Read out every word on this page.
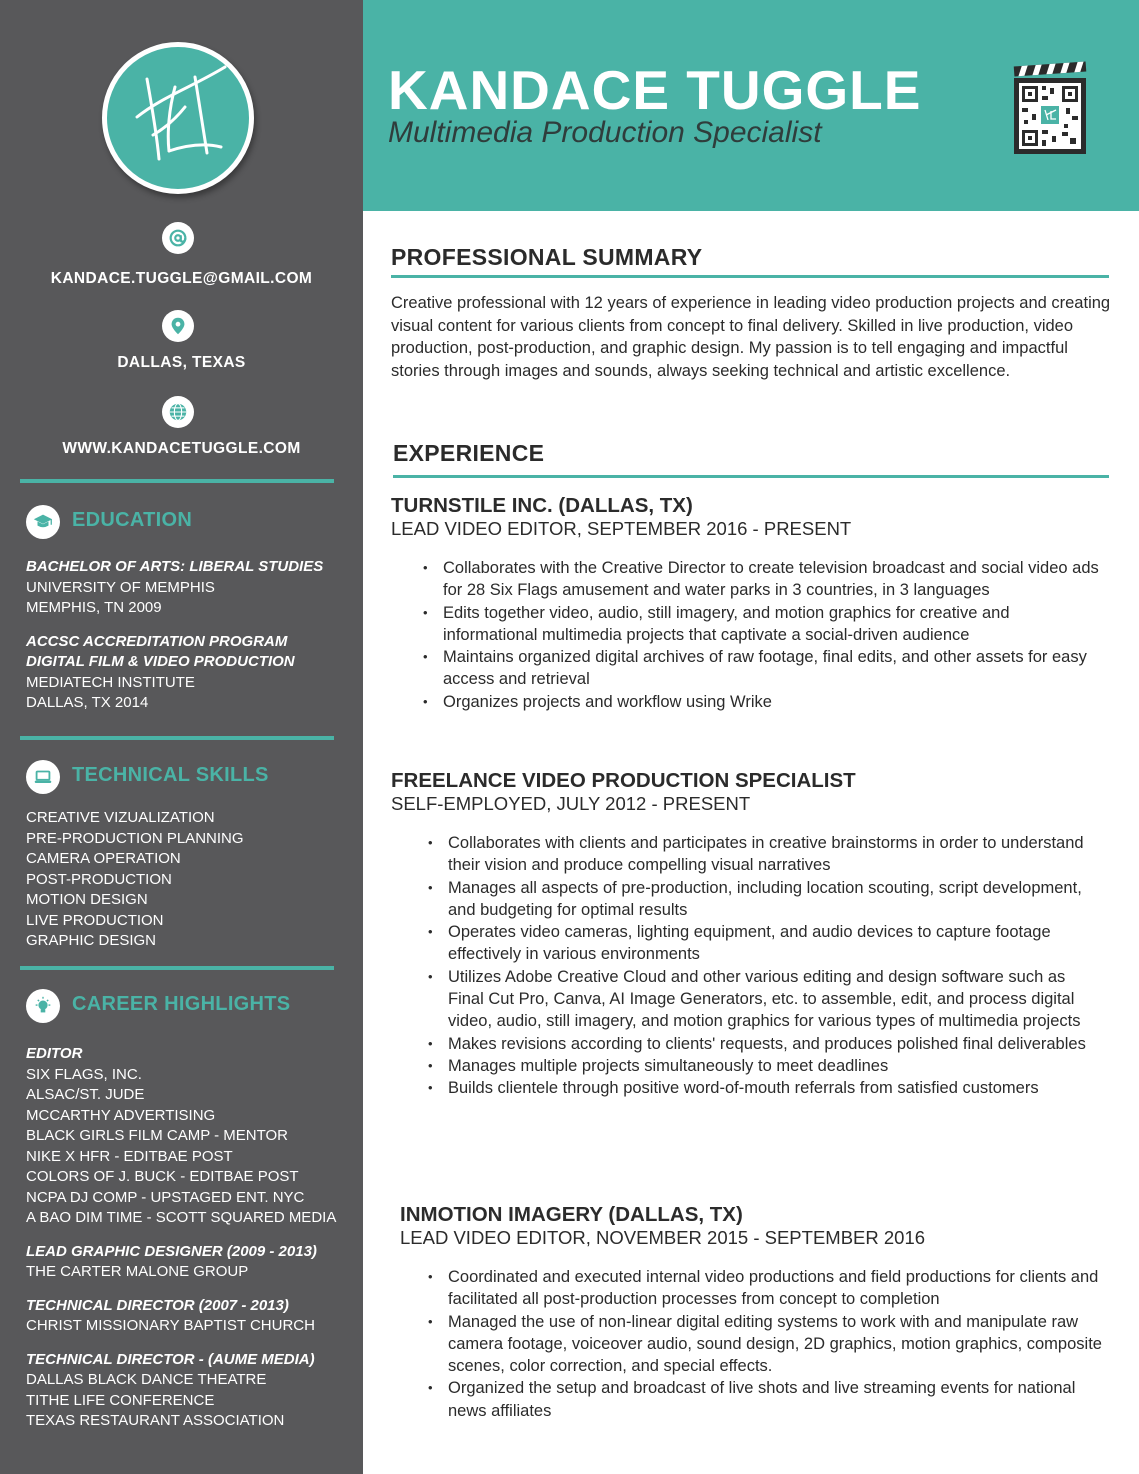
KANDACE.TUGGLE@GMAIL.COM
DALLAS, TEXAS
WWW.KANDACETUGGLE.COM
EDUCATION
BACHELOR OF ARTS: LIBERAL STUDIES
UNIVERSITY OF MEMPHIS
MEMPHIS, TN 2009
ACCSC ACCREDITATION PROGRAM
DIGITAL FILM & VIDEO PRODUCTION
MEDIATECH INSTITUTE
DALLAS, TX 2014
TECHNICAL SKILLS
CREATIVE VIZUALIZATION
PRE-PRODUCTION PLANNING
CAMERA OPERATION
POST-PRODUCTION
MOTION DESIGN
LIVE PRODUCTION
GRAPHIC DESIGN
CAREER HIGHLIGHTS
EDITOR
SIX FLAGS, INC.
ALSAC/ST. JUDE
MCCARTHY ADVERTISING
BLACK GIRLS FILM CAMP - MENTOR
NIKE X HFR - EDITBAE POST
COLORS OF J. BUCK - EDITBAE POST
NCPA DJ COMP - UPSTAGED ENT. NYC
A BAO DIM TIME - SCOTT SQUARED MEDIA
LEAD GRAPHIC DESIGNER (2009 - 2013)
THE CARTER MALONE GROUP
TECHNICAL DIRECTOR (2007 - 2013)
CHRIST MISSIONARY BAPTIST CHURCH
TECHNICAL DIRECTOR - (AUME MEDIA)
DALLAS BLACK DANCE THEATRE
TITHE LIFE CONFERENCE
TEXAS RESTAURANT ASSOCIATION
KANDACE TUGGLE
Multimedia Production Specialist
PROFESSIONAL SUMMARY
Creative professional with 12 years of experience in leading video production projects and creating visual content for various clients from concept to final delivery. Skilled in live production, video production, post-production, and graphic design. My passion is to tell engaging and impactful stories through images and sounds, always seeking technical and artistic excellence.
EXPERIENCE
TURNSTILE INC. (DALLAS, TX)
LEAD VIDEO EDITOR, SEPTEMBER 2016 - PRESENT
• Collaborates with the Creative Director to create television broadcast and social video ads for 28 Six Flags amusement and water parks in 3 countries, in 3 languages
• Edits together video, audio, still imagery, and motion graphics for creative and informational multimedia projects that captivate a social-driven audience
• Maintains organized digital archives of raw footage, final edits, and other assets for easy access and retrieval
• Organizes projects and workflow using Wrike
FREELANCE VIDEO PRODUCTION SPECIALIST
SELF-EMPLOYED, JULY 2012 - PRESENT
• Collaborates with clients and participates in creative brainstorms in order to understand their vision and produce compelling visual narratives
• Manages all aspects of pre-production, including location scouting, script development, and budgeting for optimal results
• Operates video cameras, lighting equipment, and audio devices to capture footage effectively in various environments
• Utilizes Adobe Creative Cloud and other various editing and design software such as Final Cut Pro, Canva, AI Image Generators, etc. to assemble, edit, and process digital video, audio, still imagery, and motion graphics for various types of multimedia projects
• Makes revisions according to clients' requests, and produces polished final deliverables
• Manages multiple projects simultaneously to meet deadlines
• Builds clientele through positive word-of-mouth referrals from satisfied customers
INMOTION IMAGERY (DALLAS, TX)
LEAD VIDEO EDITOR, NOVEMBER 2015 - SEPTEMBER 2016
• Coordinated and executed internal video productions and field productions for clients and facilitated all post-production processes from concept to completion
• Managed the use of non-linear digital editing systems to work with and manipulate raw camera footage, voiceover audio, sound design, 2D graphics, motion graphics, composite scenes, color correction, and special effects.
• Organized the setup and broadcast of live shots and live streaming events for national news affiliates
